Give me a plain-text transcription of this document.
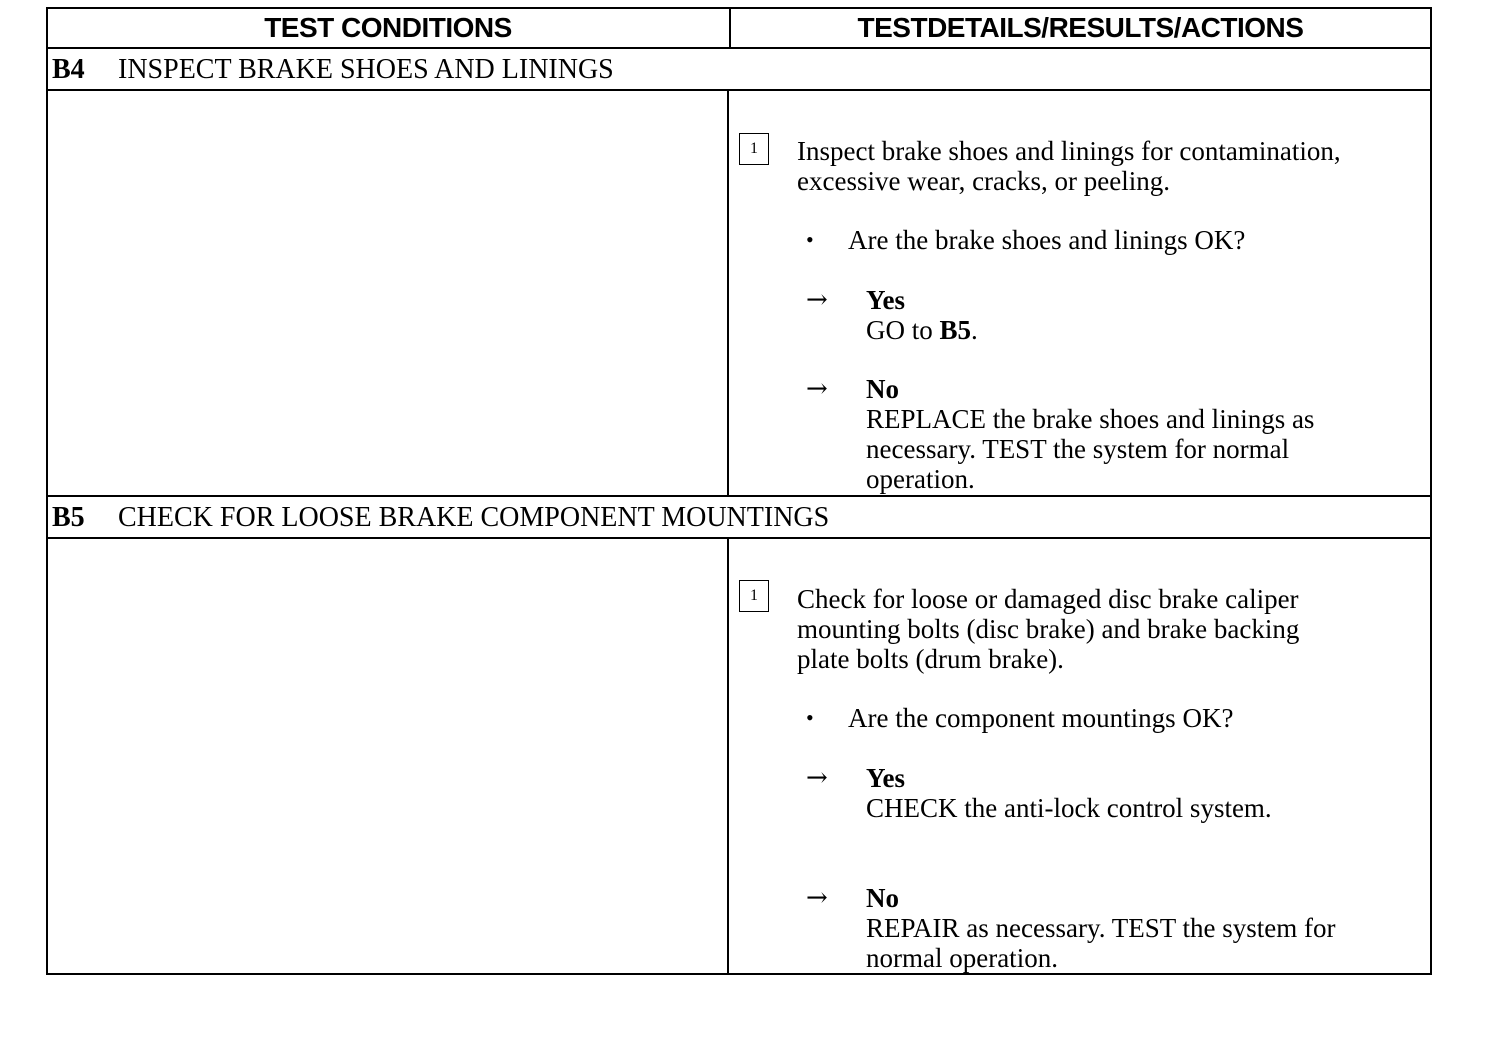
TEST CONDITIONS	TESTDETAILS/RESULTS/ACTIONS
B4	INSPECT BRAKE SHOES AND LININGS
1	Inspect brake shoes and linings for contamination,
excessive wear, cracks, or peeling.
• Are the brake shoes and linings OK?
→ Yes
GO to B5.
→ No
REPLACE the brake shoes and linings as
necessary. TEST the system for normal
operation.
B5	CHECK FOR LOOSE BRAKE COMPONENT MOUNTINGS
1	Check for loose or damaged disc brake caliper
mounting bolts (disc brake) and brake backing
plate bolts (drum brake).
• Are the component mountings OK?
→ Yes
CHECK the anti-lock control system.
→ No
REPAIR as necessary. TEST the system for
normal operation.
